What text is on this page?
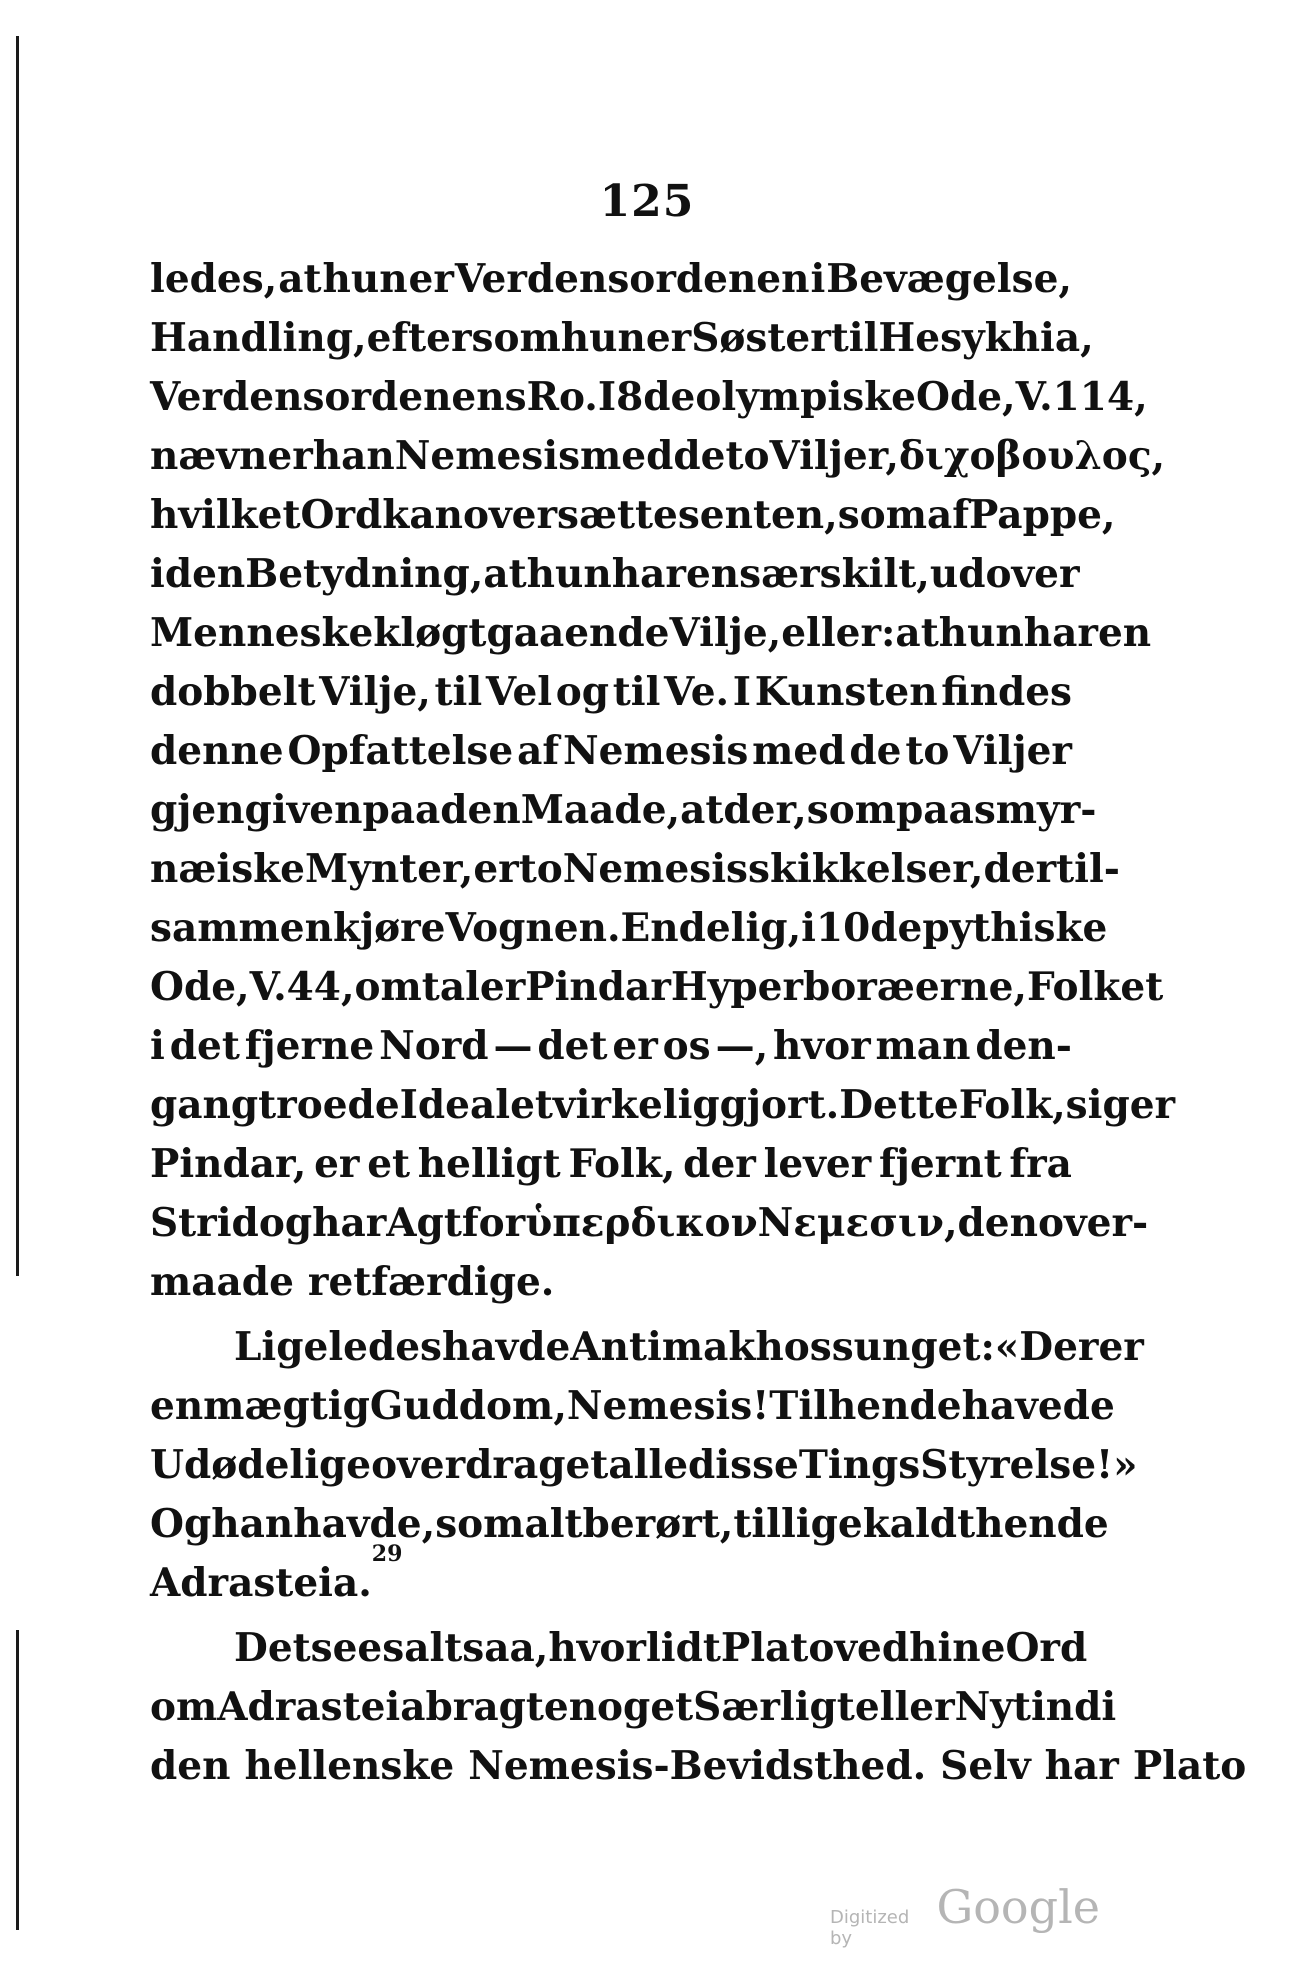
125
ledes, at hun er Verdensordenen i Bevægelse,
Handling, eftersom hun er Søster til Hesykhia,
Verdensordenens Ro. I 8de olympiske Ode, V. 114,
nævner han Nemesis med de to Viljer, διχοβουλος,
hvilket Ord kan oversættes enten, som af Pappe,
i den Betydning, at hun har en særskilt, ud over
Menneskekløgt gaaende Vilje, eller: at hun har en
dobbelt Vilje, til Vel og til Ve. I Kunsten findes
denne Opfattelse af Nemesis med de to Viljer
gjengiven paa den Maade, at der, som paa smyr-
næiske Mynter, er to Nemesisskikkelser, der til-
sammen kjøre Vognen. Endelig, i 10de pythiske
Ode, V. 44, omtaler Pindar Hyperboræerne, Folket
i det fjerne Nord — det er os —, hvor man den-
gang troede Idealet virkeliggjort. Dette Folk, siger
Pindar, er et helligt Folk, der lever fjernt fra
Strid og har Agt for ὑπερδικον Νεμεσιν, den over-
maade retfærdige.
Ligeledes havde Antimakhos sunget: «Der er
en mægtig Guddom, Nemesis! Til hende have de
Udødelige overdraget alle disse Tings Styrelse!»
Og han havde, som alt berørt, tillige kaldt hende
Adrasteia.
29
Det sees altsaa, hvor lidt Plato ved hine Ord
om Adrasteia bragte noget Særligt eller Nyt ind i
den hellenske Nemesis-Bevidsthed. Selv har Plato
Digitized by
Google
